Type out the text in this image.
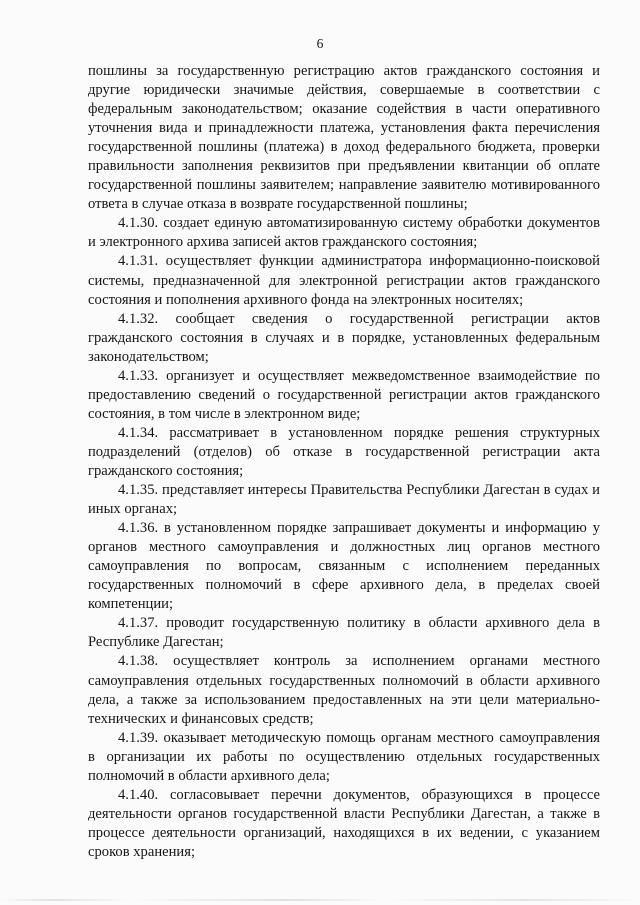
6

пошлины за государственную регистрацию актов гражданского состояния и другие юридически значимые действия, совершаемые в соответствии с федеральным законодательством; оказание содействия в части оперативного уточнения вида и принадлежности платежа, установления факта перечисления государственной пошлины (платежа) в доход федерального бюджета, проверки правильности заполнения реквизитов при предъявлении квитанции об оплате государственной пошлины заявителем; направление заявителю мотивированного ответа в случае отказа в возврате государственной пошлины;

4.1.30. создает единую автоматизированную систему обработки документов и электронного архива записей актов гражданского состояния;

4.1.31. осуществляет функции администратора информационно-поисковой системы, предназначенной для электронной регистрации актов гражданского состояния и пополнения архивного фонда на электронных носителях;

4.1.32. сообщает сведения о государственной регистрации актов гражданского состояния в случаях и в порядке, установленных федеральным законодательством;

4.1.33. организует и осуществляет межведомственное взаимодействие по предоставлению сведений о государственной регистрации актов гражданского состояния, в том числе в электронном виде;

4.1.34. рассматривает в установленном порядке решения структурных подразделений (отделов) об отказе в государственной регистрации акта гражданского состояния;

4.1.35. представляет интересы Правительства Республики Дагестан в судах и иных органах;

4.1.36. в установленном порядке запрашивает документы и информацию у органов местного самоуправления и должностных лиц органов местного самоуправления по вопросам, связанным с исполнением переданных государственных полномочий в сфере архивного дела, в пределах своей компетенции;

4.1.37. проводит государственную политику в области архивного дела в Республике Дагестан;

4.1.38. осуществляет контроль за исполнением органами местного самоуправления отдельных государственных полномочий в области архивного дела, а также за использованием предоставленных на эти цели материально-технических и финансовых средств;

4.1.39. оказывает методическую помощь органам местного самоуправления в организации их работы по осуществлению отдельных государственных полномочий в области архивного дела;

4.1.40. согласовывает перечни документов, образующихся в процессе деятельности органов государственной власти Республики Дагестан, а также в процессе деятельности организаций, находящихся в их ведении, с указанием сроков хранения;
